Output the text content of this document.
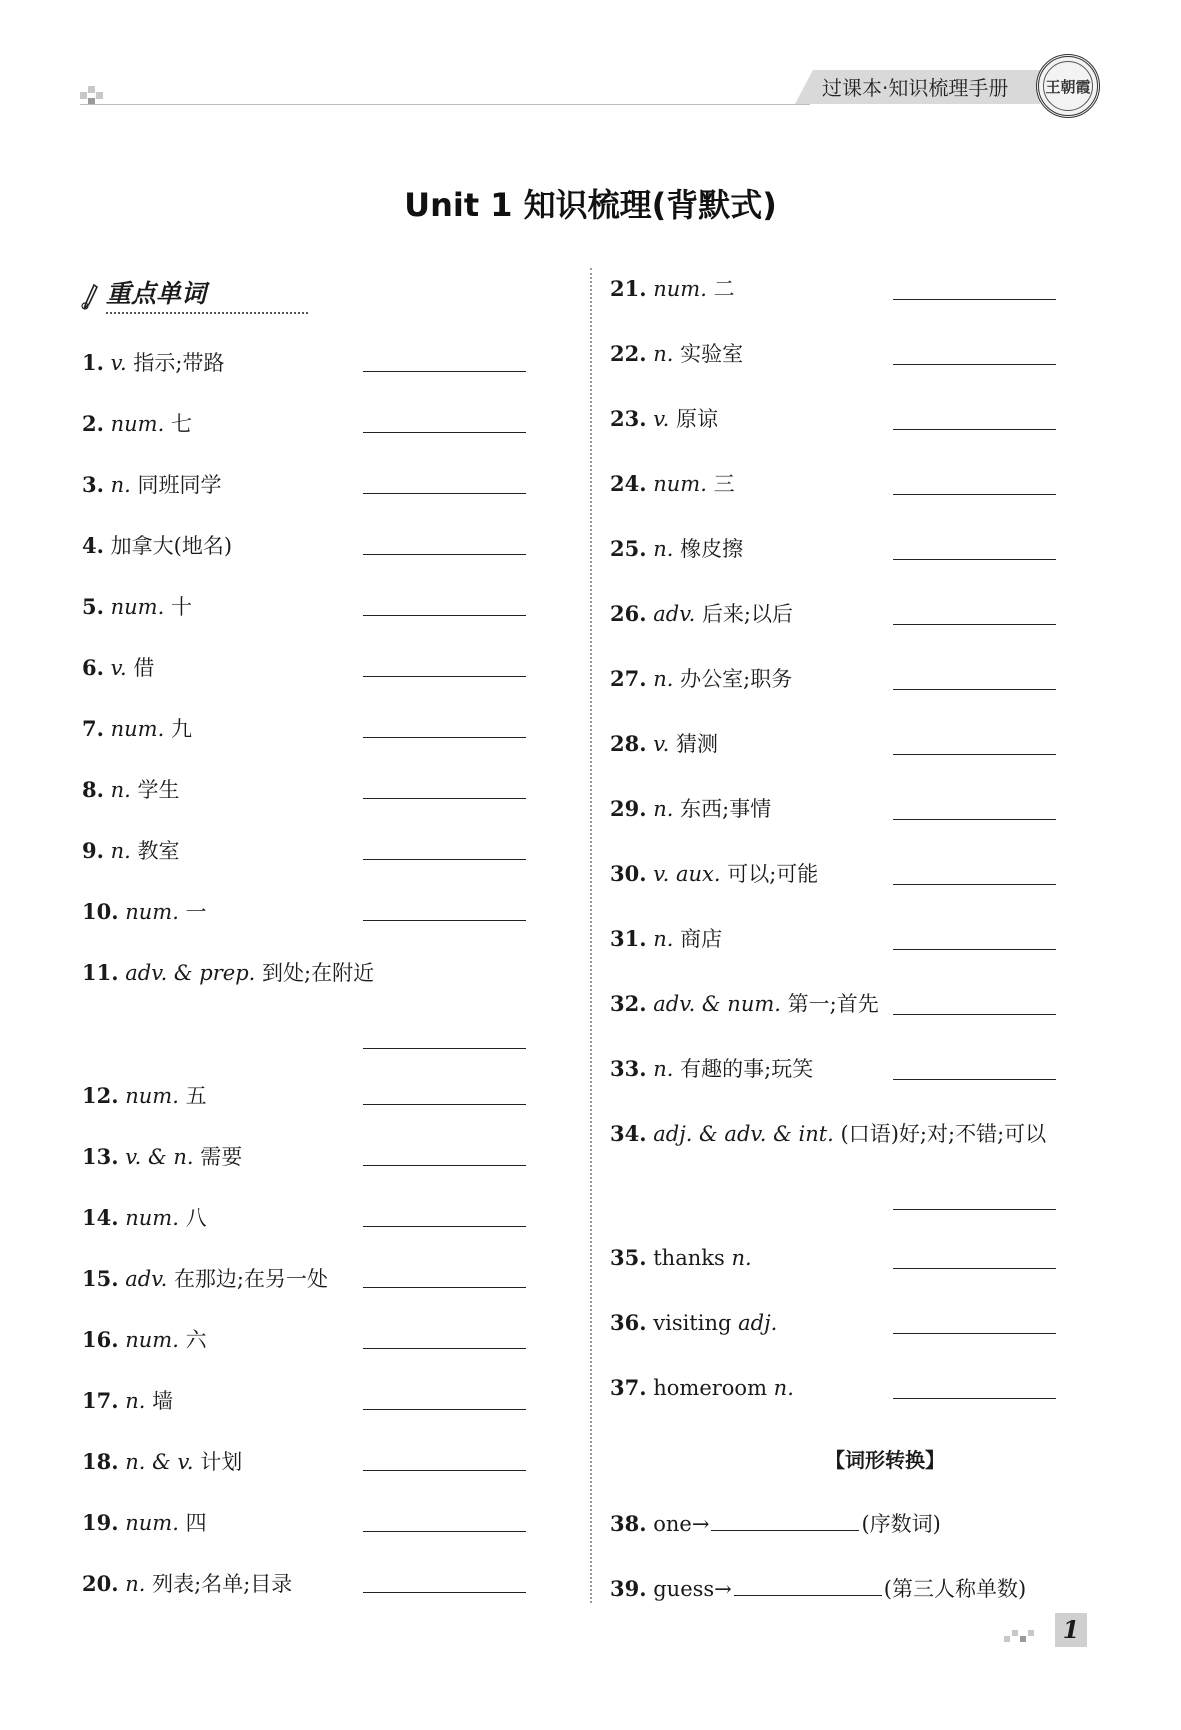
过课本·知识梳理手册	王朝霞
Unit 1 知识梳理(背默式)
重点单词
1. v. 指示;带路
2. num. 七
3. n. 同班同学
4. 加拿大(地名)
5. num. 十
6. v. 借
7. num. 九
8. n. 学生
9. n. 教室
10. num. 一
11. adv. & prep. 到处;在附近
12. num. 五
13. v. & n. 需要
14. num. 八
15. adv. 在那边;在另一处
16. num. 六
17. n. 墙
18. n. & v. 计划
19. num. 四
20. n. 列表;名单;目录
21. num. 二
22. n. 实验室
23. v. 原谅
24. num. 三
25. n. 橡皮擦
26. adv. 后来;以后
27. n. 办公室;职务
28. v. 猜测
29. n. 东西;事情
30. v. aux. 可以;可能
31. n. 商店
32. adv. & num. 第一;首先
33. n. 有趣的事;玩笑
34. adj. & adv. & int. (口语)好;对;不错;可以
35. thanks n.
36. visiting adj.
37. homeroom n.
【词形转换】
38. one→	(序数词)
39. guess→	(第三人称单数)
1
